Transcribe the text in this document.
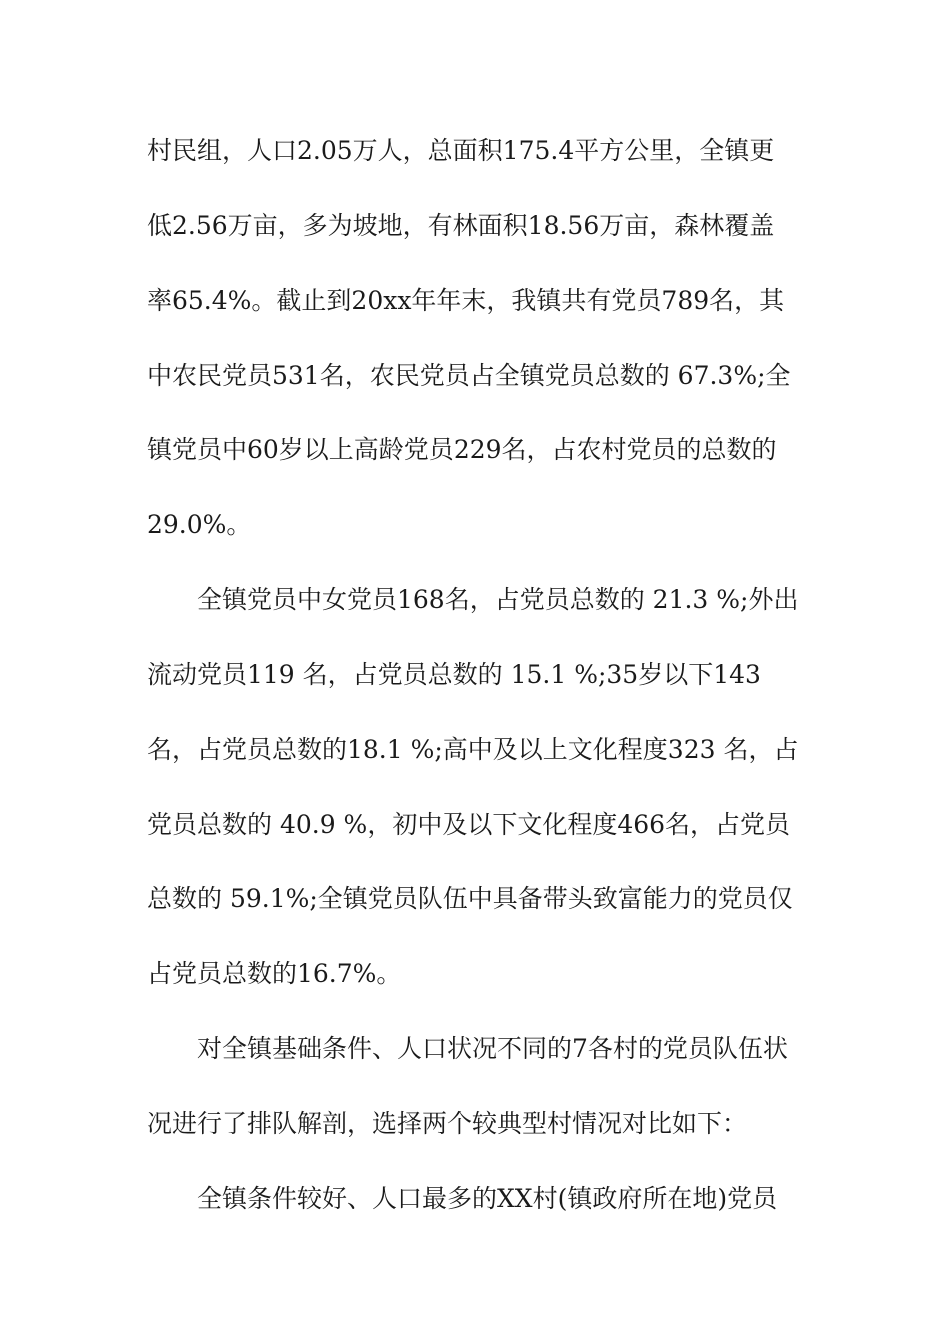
村民组，人口2.05万人，总面积175.4平方公里，全镇更
低2.56万亩，多为坡地，有林面积18.56万亩，森林覆盖
率65.4%。截止到20xx年年末，我镇共有党员789名，其
中农民党员531名，农民党员占全镇党员总数的 67.3%;全
镇党员中60岁以上高龄党员229名，占农村党员的总数的
29.0%。
全镇党员中女党员168名，占党员总数的 21.3 %;外出
流动党员119 名，占党员总数的 15.1 %;35岁以下143
名，占党员总数的18.1 %;高中及以上文化程度323 名，占
党员总数的 40.9 %，初中及以下文化程度466名，占党员
总数的 59.1%;全镇党员队伍中具备带头致富能力的党员仅
占党员总数的16.7%。
对全镇基础条件、人口状况不同的7各村的党员队伍状
况进行了排队解剖，选择两个较典型村情况对比如下：
全镇条件较好、人口最多的XX村(镇政府所在地)党员
